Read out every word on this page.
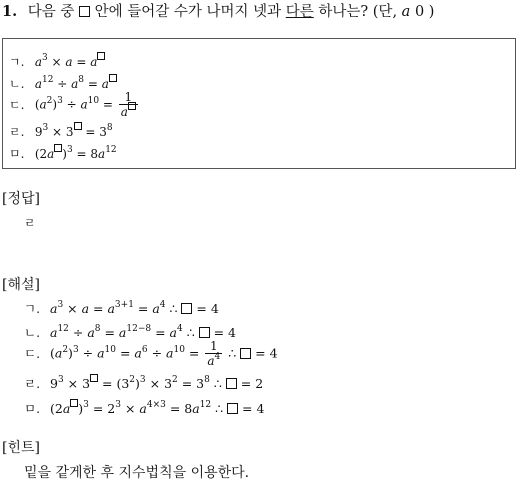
1. 다음 중 안에 들어갈 수가 나머지 넷과 다른 하나는? (단, a 0 )
ㄱ. $a^3 \times a = a$
ㄴ. $a^{12} \div a^8 = a$
ㄷ. $(a^2)^3 \div a^{10} = \frac{1}{a}$
ㄹ. $9^3 \times 3 = 3^8$
ㅁ. (2a )$^3 = 8a^{12}$
[정답]
ㄹ
[해설]
ㄱ. $a^3 \times a = a^{3+1} = a^4$ ∴  = 4
ㄴ. $a^{12} \div a^8 = a^{12-8} = a^4$ ∴  = 4
ㄷ. $(a^2)^3 \div a^{10} = a^6 \div a^{10} = \frac{1}{a^4}$ ∴  = 4
ㄹ. $9^3 \times 3 = (3^2)^3 \times 3^2 = 3^8$ ∴  = 2
ㅁ. (2a )$^3 = 2^3 \times a^{4\times 3} = 8a^{12}$ ∴  = 4
[힌트]
밑을 같게한 후 지수법칙을 이용한다.
